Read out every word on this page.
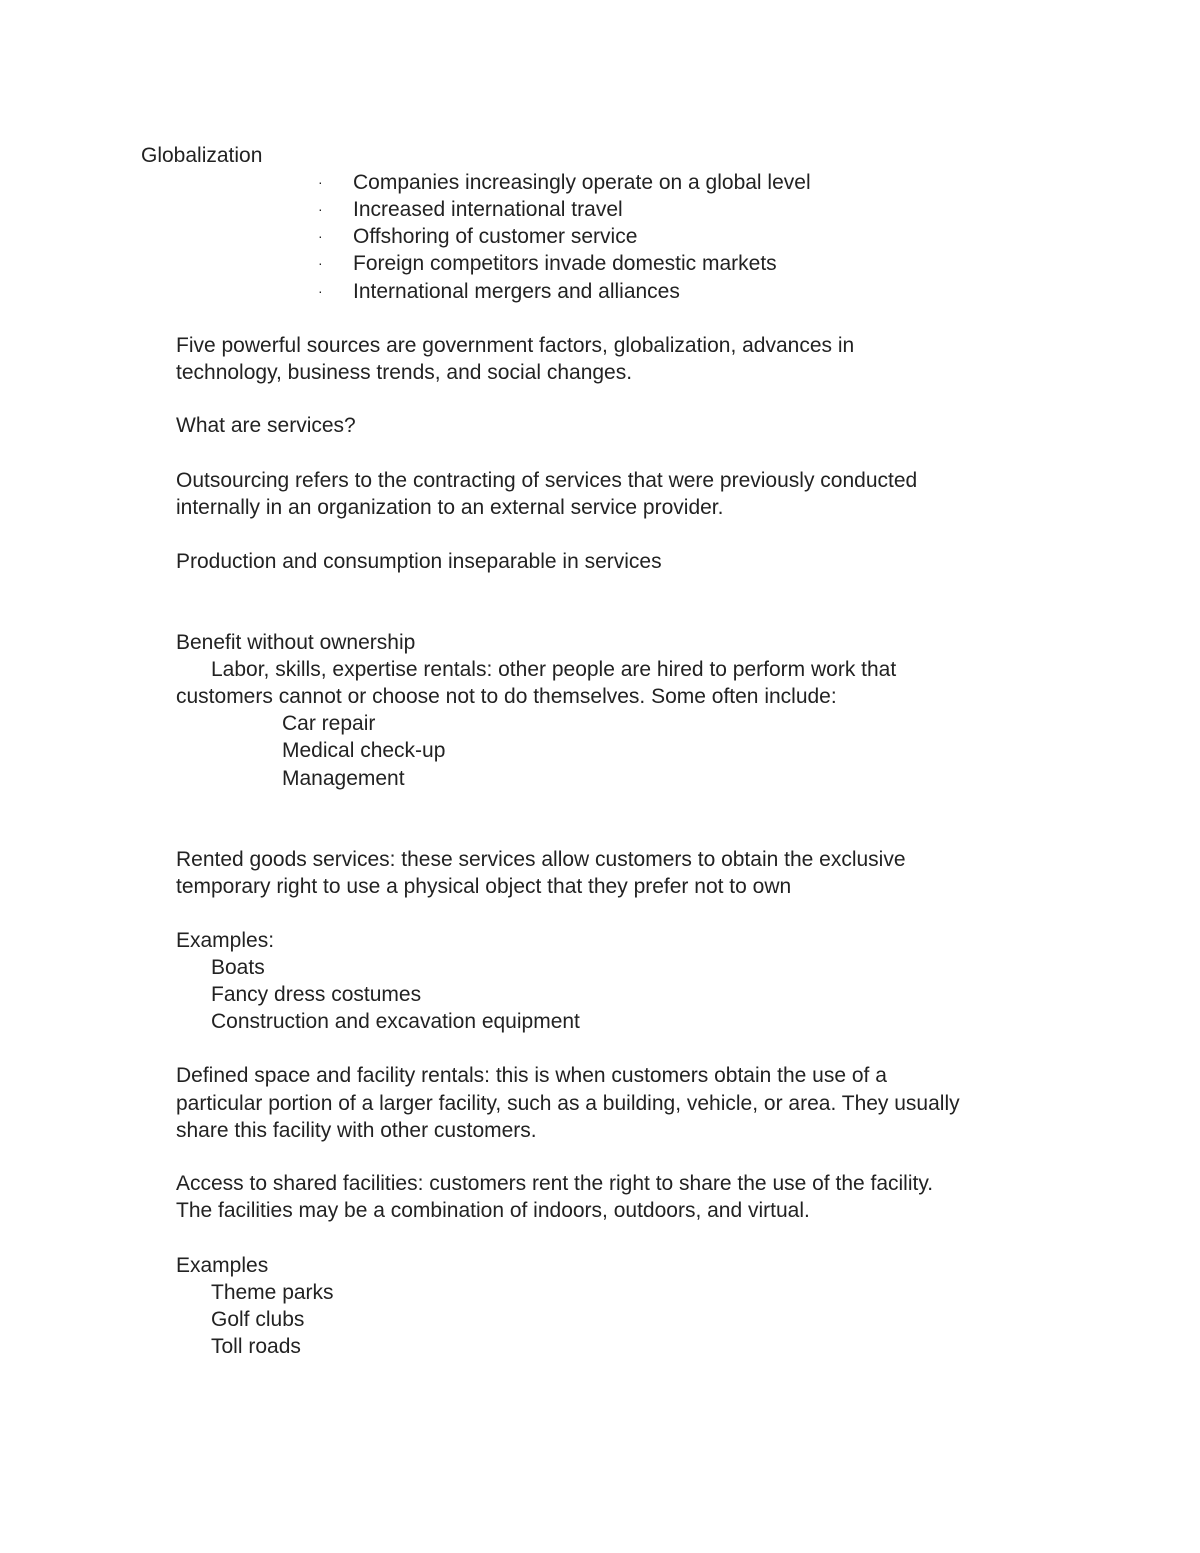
Globalization
· Companies increasingly operate on a global level
· Increased international travel
· Offshoring of customer service
· Foreign competitors invade domestic markets
· International mergers and alliances
Five powerful sources are government factors, globalization, advances in
technology, business trends, and social changes.
What are services?
Outsourcing refers to the contracting of services that were previously conducted
internally in an organization to an external service provider.
Production and consumption inseparable in services
Benefit without ownership
Labor, skills, expertise rentals: other people are hired to perform work that
customers cannot or choose not to do themselves. Some often include:
Car repair
Medical check-up
Management
Rented goods services: these services allow customers to obtain the exclusive
temporary right to use a physical object that they prefer not to own
Examples:
Boats
Fancy dress costumes
Construction and excavation equipment
Defined space and facility rentals: this is when customers obtain the use of a
particular portion of a larger facility, such as a building, vehicle, or area. They usually
share this facility with other customers.
Access to shared facilities: customers rent the right to share the use of the facility.
The facilities may be a combination of indoors, outdoors, and virtual.
Examples
Theme parks
Golf clubs
Toll roads
